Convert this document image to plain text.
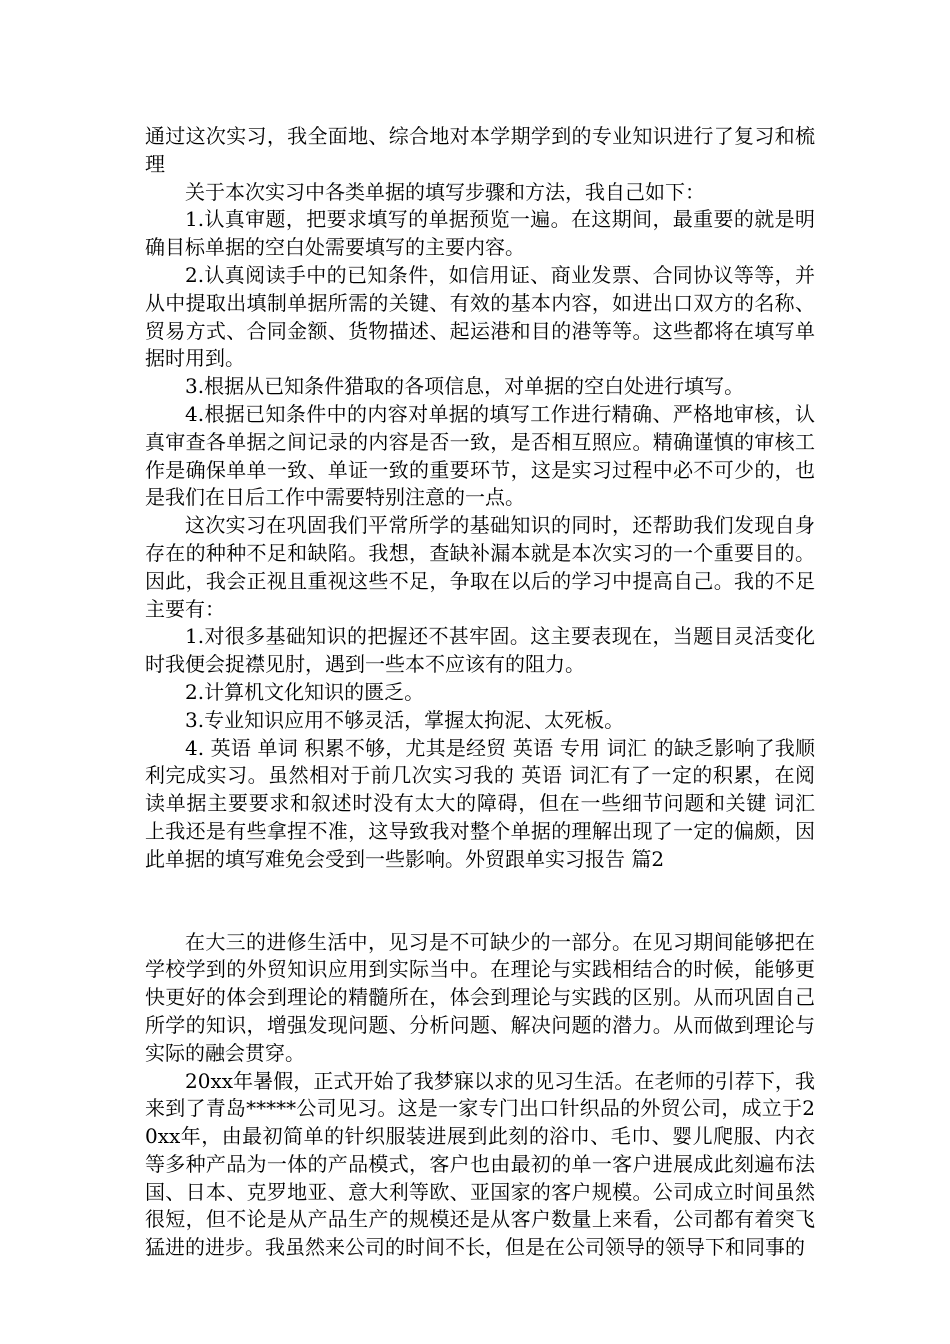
通过这次实习，我全面地、综合地对本学期学到的专业知识进行了复习和梳理

关于本次实习中各类单据的填写步骤和方法，我自己如下：

1.认真审题，把要求填写的单据预览一遍。在这期间，最重要的就是明确目标单据的空白处需要填写的主要内容。

2.认真阅读手中的已知条件，如信用证、商业发票、合同协议等等，并从中提取出填制单据所需的关键、有效的基本内容，如进出口双方的名称、贸易方式、合同金额、货物描述、起运港和目的港等等。这些都将在填写单据时用到。

3.根据从已知条件猎取的各项信息，对单据的空白处进行填写。

4.根据已知条件中的内容对单据的填写工作进行精确、严格地审核，认真审查各单据之间记录的内容是否一致，是否相互照应。精确谨慎的审核工作是确保单单一致、单证一致的重要环节，这是实习过程中必不可少的，也是我们在日后工作中需要特别注意的一点。

这次实习在巩固我们平常所学的基础知识的同时，还帮助我们发现自身存在的种种不足和缺陷。我想，查缺补漏本就是本次实习的一个重要目的。因此，我会正视且重视这些不足，争取在以后的学习中提高自己。我的不足主要有：

1.对很多基础知识的把握还不甚牢固。这主要表现在，当题目灵活变化时我便会捉襟见肘，遇到一些本不应该有的阻力。

2.计算机文化知识的匮乏。

3.专业知识应用不够灵活，掌握太拘泥、太死板。

4. 英语 单词 积累不够，尤其是经贸 英语 专用 词汇 的缺乏影响了我顺利完成实习。虽然相对于前几次实习我的 英语 词汇有了一定的积累，在阅读单据主要要求和叙述时没有太大的障碍，但在一些细节问题和关键 词汇 上我还是有些拿捏不准，这导致我对整个单据的理解出现了一定的偏颇，因此单据的填写难免会受到一些影响。外贸跟单实习报告 篇2

在大三的进修生活中，见习是不可缺少的一部分。在见习期间能够把在学校学到的外贸知识应用到实际当中。在理论与实践相结合的时候，能够更快更好的体会到理论的精髓所在，体会到理论与实践的区别。从而巩固自己所学的知识，增强发现问题、分析问题、解决问题的潜力。从而做到理论与实际的融会贯穿。

20xx年暑假，正式开始了我梦寐以求的见习生活。在老师的引荐下，我来到了青岛*****公司见习。这是一家专门出口针织品的外贸公司，成立于20xx年，由最初简单的针织服装进展到此刻的浴巾、毛巾、婴儿爬服、内衣等多种产品为一体的产品模式，客户也由最初的单一客户进展成此刻遍布法国、日本、克罗地亚、意大利等欧、亚国家的客户规模。公司成立时间虽然很短，但不论是从产品生产的规模还是从客户数量上来看，公司都有着突飞猛进的进步。我虽然来公司的时间不长，但是在公司领导的领导下和同事的
